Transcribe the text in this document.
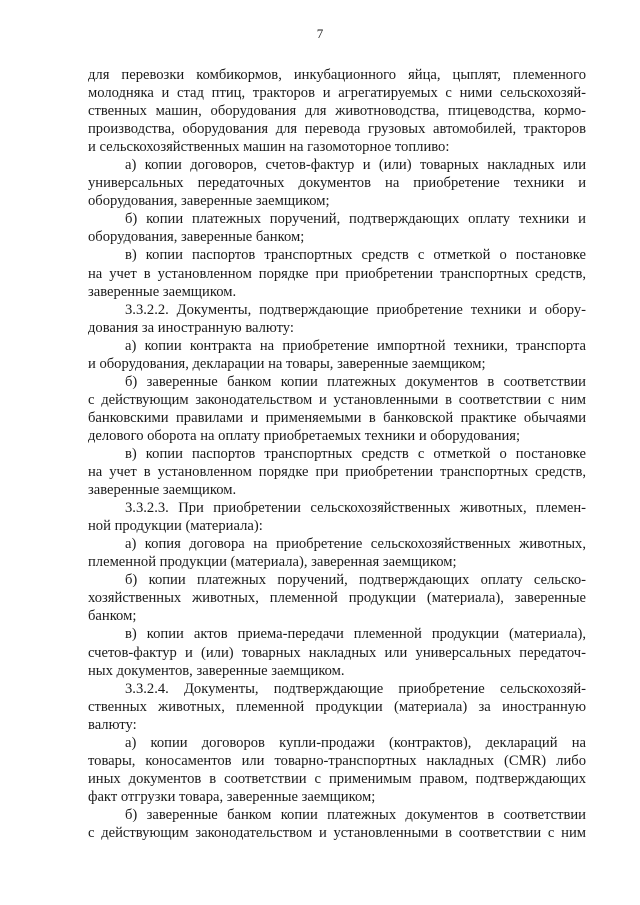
7
для перевозки комбикормов, инкубационного яйца, цыплят, племенного
молодняка и стад птиц, тракторов и агрегатируемых с ними сельскохозяй-
ственных машин, оборудования для животноводства, птицеводства, кормо-
производства, оборудования для перевода грузовых автомобилей, тракторов
и сельскохозяйственных машин на газомоторное топливо:
а) копии договоров, счетов-фактур и (или) товарных накладных или
универсальных передаточных документов на приобретение техники и
оборудования, заверенные заемщиком;
б) копии платежных поручений, подтверждающих оплату техники и
оборудования, заверенные банком;
в) копии паспортов транспортных средств с отметкой о постановке
на учет в установленном порядке при приобретении транспортных средств,
заверенные заемщиком.
3.3.2.2. Документы, подтверждающие приобретение техники и обору-
дования за иностранную валюту:
а) копии контракта на приобретение импортной техники, транспорта
и оборудования, декларации на товары, заверенные заемщиком;
б) заверенные банком копии платежных документов в соответствии
с действующим законодательством и установленными в соответствии с ним
банковскими правилами и применяемыми в банковской практике обычаями
делового оборота на оплату приобретаемых техники и оборудования;
в) копии паспортов транспортных средств с отметкой о постановке
на учет в установленном порядке при приобретении транспортных средств,
заверенные заемщиком.
3.3.2.3. При приобретении сельскохозяйственных животных, племен-
ной продукции (материала):
а) копия договора на приобретение сельскохозяйственных животных,
племенной продукции (материала), заверенная заемщиком;
б) копии платежных поручений, подтверждающих оплату сельско-
хозяйственных животных, племенной продукции (материала), заверенные
банком;
в) копии актов приема-передачи племенной продукции (материала),
счетов-фактур и (или) товарных накладных или универсальных передаточ-
ных документов, заверенные заемщиком.
3.3.2.4. Документы, подтверждающие приобретение сельскохозяй-
ственных животных, племенной продукции (материала) за иностранную
валюту:
а) копии договоров купли-продажи (контрактов), деклараций на
товары, коносаментов или товарно-транспортных накладных (CMR) либо
иных документов в соответствии с применимым правом, подтверждающих
факт отгрузки товара, заверенные заемщиком;
б) заверенные банком копии платежных документов в соответствии
с действующим законодательством и установленными в соответствии с ним
